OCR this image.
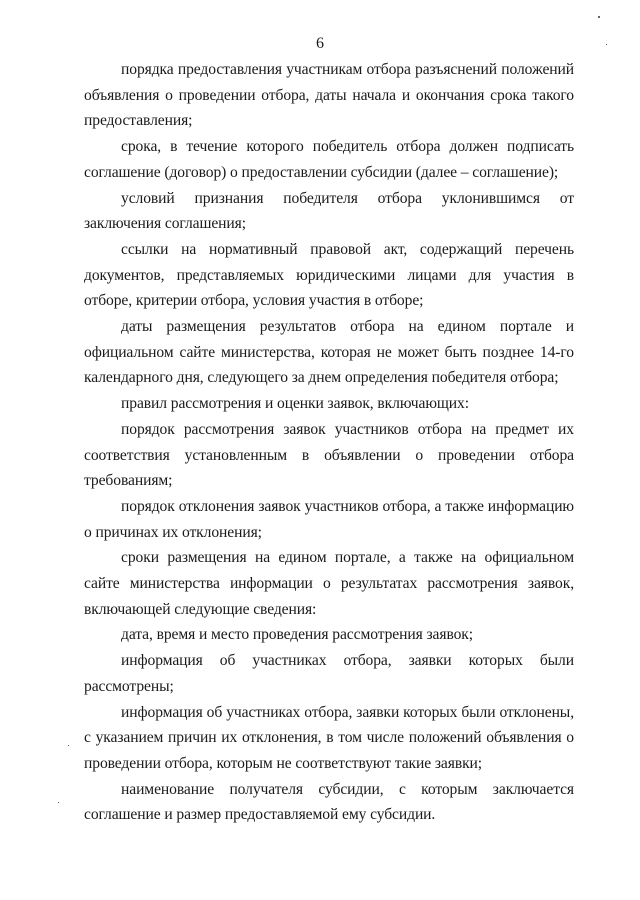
6

порядка предоставления участникам отбора разъяснений положений объявления о проведении отбора, даты начала и окончания срока такого предоставления;

срока, в течение которого победитель отбора должен подписать соглашение (договор) о предоставлении субсидии (далее – соглашение);

условий признания победителя отбора уклонившимся от заключения соглашения;

ссылки на нормативный правовой акт, содержащий перечень документов, представляемых юридическими лицами для участия в отборе, критерии отбора, условия участия в отборе;

даты размещения результатов отбора на едином портале и официальном сайте министерства, которая не может быть позднее 14-го календарного дня, следующего за днем определения победителя отбора;

правил рассмотрения и оценки заявок, включающих:

порядок рассмотрения заявок участников отбора на предмет их соответствия установленным в объявлении о проведении отбора требованиям;

порядок отклонения заявок участников отбора, а также информацию о причинах их отклонения;

сроки размещения на едином портале, а также на официальном сайте министерства информации о результатах рассмотрения заявок, включающей следующие сведения:

дата, время и место проведения рассмотрения заявок;

информация об участниках отбора, заявки которых были рассмотрены;

информация об участниках отбора, заявки которых были отклонены, с указанием причин их отклонения, в том числе положений объявления о проведении отбора, которым не соответствуют такие заявки;

наименование получателя субсидии, с которым заключается соглашение и размер предоставляемой ему субсидии.
